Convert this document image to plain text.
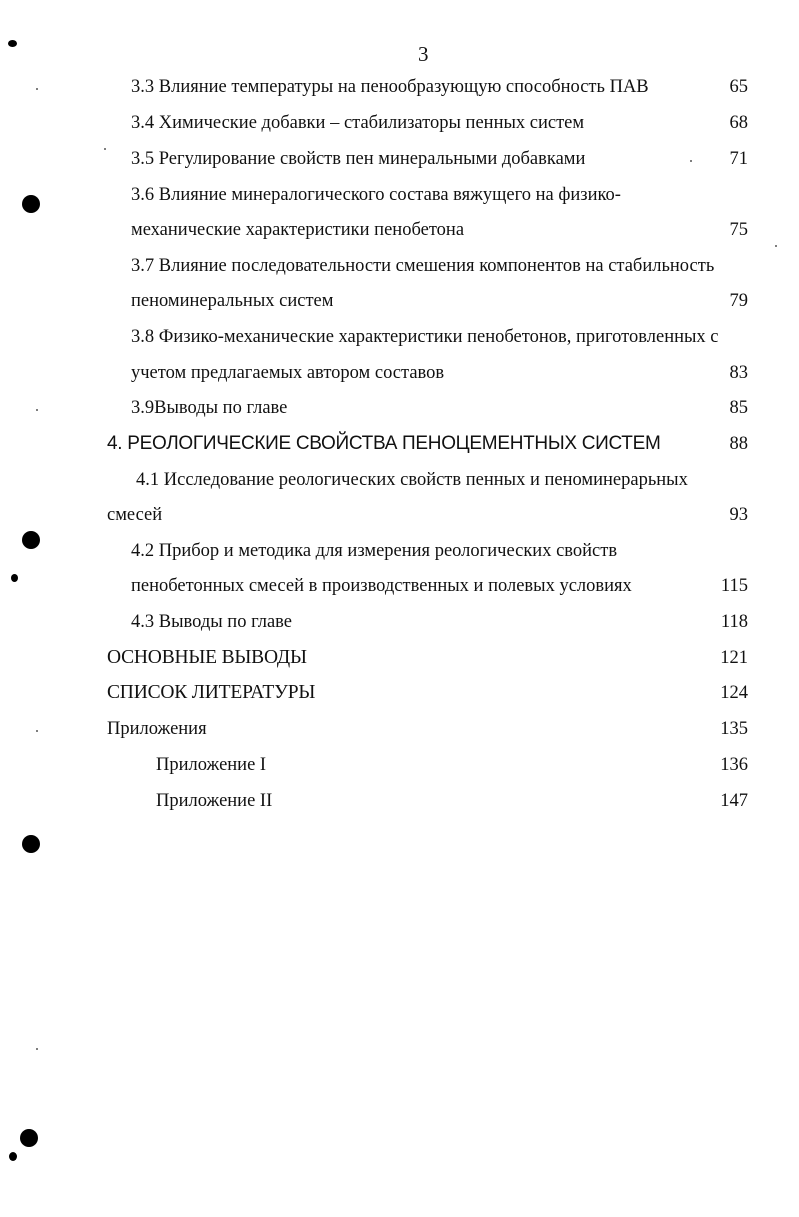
3
3.3 Влияние температуры на пенообразующую способность ПАВ	65
3.4 Химические добавки – стабилизаторы пенных систем	68
3.5 Регулирование свойств пен минеральными добавками	71
3.6 Влияние минералогического состава вяжущего на физико-
механические характеристики пенобетона	75
3.7 Влияние последовательности смешения компонентов на стабильность
пеноминеральных систем	79
3.8 Физико-механические характеристики пенобетонов, приготовленных с
учетом предлагаемых автором составов	83
3.9Выводы по главе	85
4. РЕОЛОГИЧЕСКИЕ СВОЙСТВА ПЕНОЦЕМЕНТНЫХ СИСТЕМ	88
4.1 Исследование реологических свойств пенных и пеноминерарьных
смесей	93
4.2 Прибор и методика для измерения реологических свойств
пенобетонных смесей в производственных и полевых условиях	115
4.3 Выводы по главе	118
ОСНОВНЫЕ ВЫВОДЫ	121
СПИСОК ЛИТЕРАТУРЫ	124
Приложения	135
Приложение I	136
Приложение II	147
